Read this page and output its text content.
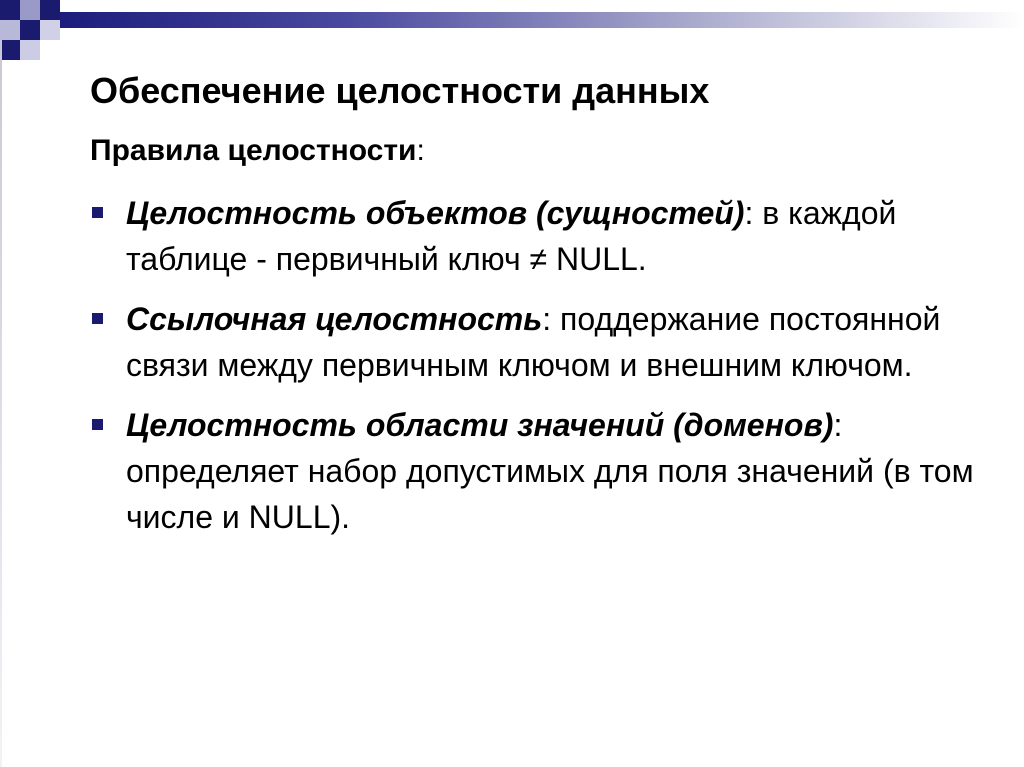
Обеспечение целостности данных

Правила целостности:

Целостность объектов (сущностей): в каждой таблице - первичный ключ ≠ NULL.
Ссылочная целостность: поддержание постоянной связи между первичным ключом и внешним ключом.
Целостность области значений (доменов): определяет набор допустимых для поля значений (в том числе и NULL).
